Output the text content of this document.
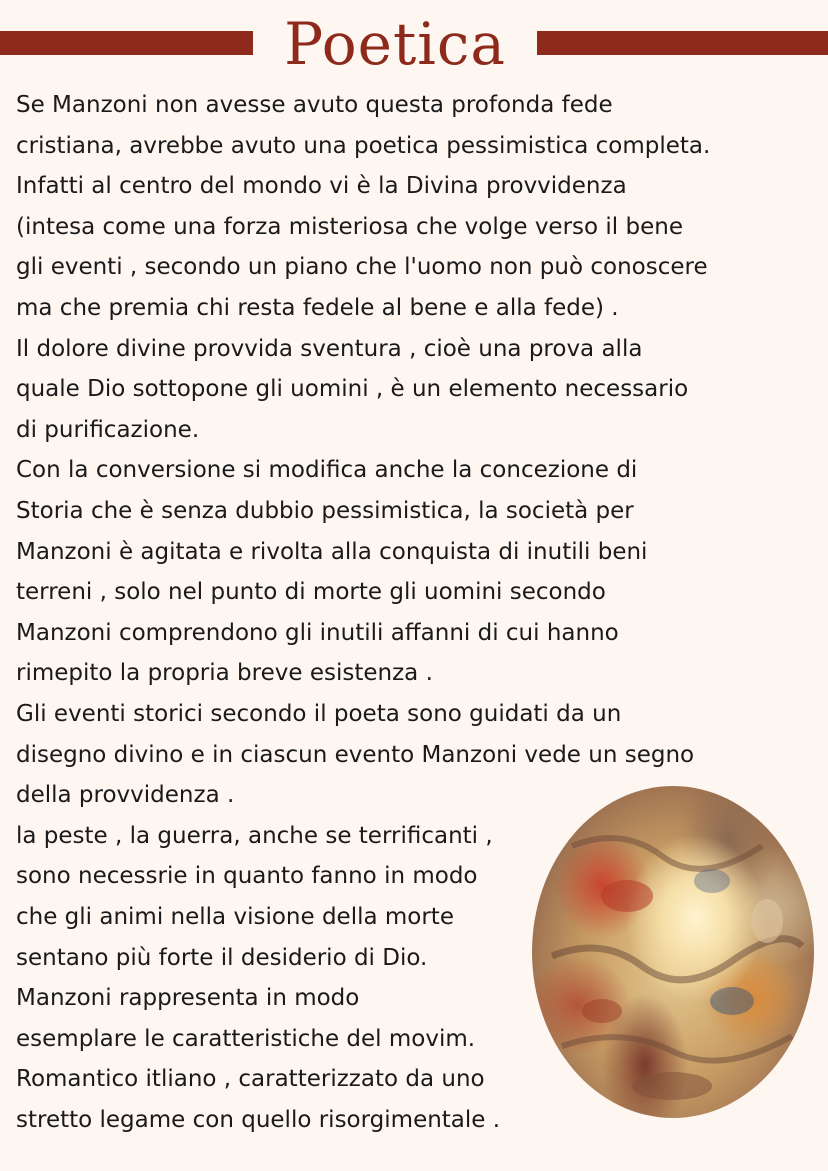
Poetica
Se Manzoni non avesse avuto questa profonda fede
cristiana, avrebbe avuto una poetica pessimistica completa.
Infatti al centro del mondo vi è la Divina provvidenza
(intesa come una forza misteriosa che volge verso il bene
gli eventi , secondo un piano che l'uomo non può conoscere
ma che premia chi resta fedele al bene e alla fede) .
Il dolore divine provvida sventura , cioè una prova alla
quale Dio sottopone gli uomini , è un elemento necessario
di purificazione.
Con la conversione si modifica anche la concezione di
Storia che è senza dubbio pessimistica, la società per
Manzoni è agitata e rivolta alla conquista di inutili beni
terreni , solo nel punto di morte gli uomini secondo
Manzoni comprendono gli inutili affanni di cui hanno
rimepito la propria breve esistenza .
Gli eventi storici secondo il poeta sono guidati da un
disegno divino e in ciascun evento Manzoni vede un segno
della provvidenza .
la peste , la guerra, anche se terrificanti ,
sono necessrie in quanto fanno in modo
che gli animi nella visione della morte
sentano più forte il desiderio di Dio.
Manzoni rappresenta in modo
esemplare le caratteristiche del movim.
Romantico itliano , caratterizzato da uno
stretto legame con quello risorgimentale .
